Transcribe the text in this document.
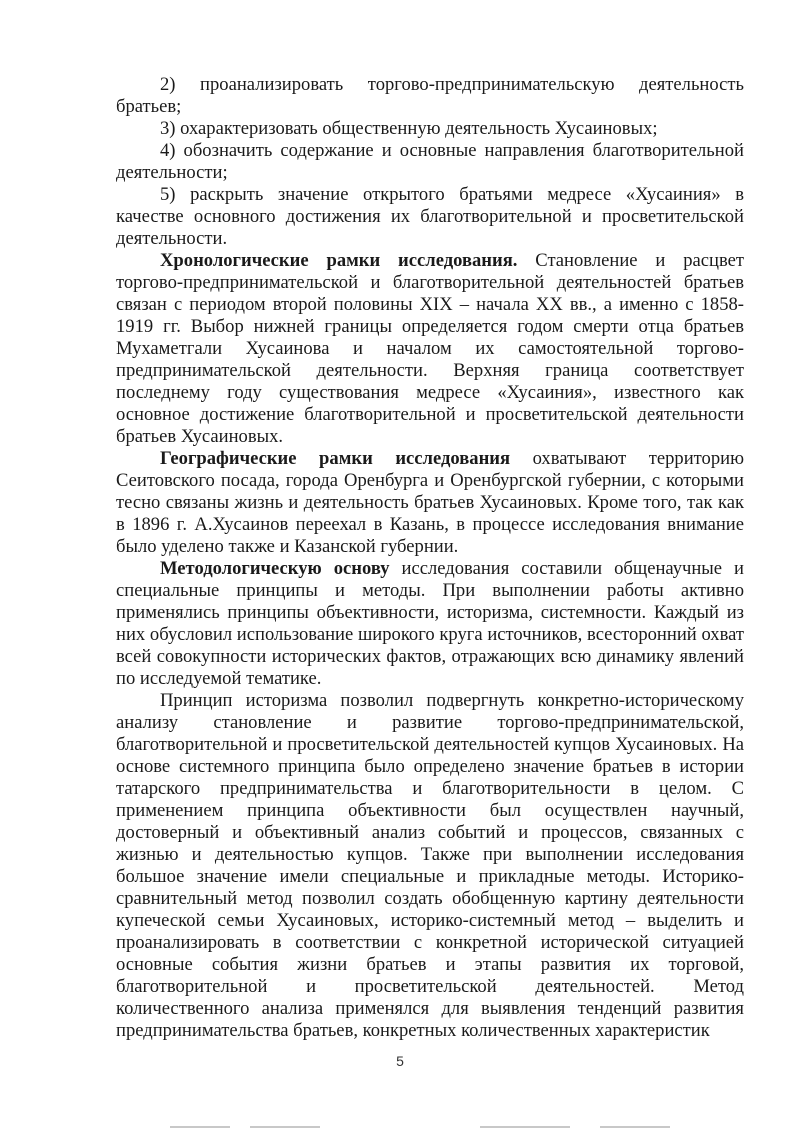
2) проанализировать торгово-предпринимательскую деятельность братьев;

3) охарактеризовать общественную деятельность Хусаиновых;

4) обозначить содержание и основные направления благотворительной деятельности;

5) раскрыть значение открытого братьями медресе «Хусаиния» в качестве основного достижения их благотворительной и просветительской деятельности.

Хронологические рамки исследования. Становление и расцвет торгово-предпринимательской и благотворительной деятельностей братьев связан с периодом второй половины XIX – начала XX вв., а именно с 1858-1919 гг. Выбор нижней границы определяется годом смерти отца братьев Мухаметгали Хусаинова и началом их самостоятельной торгово-предпринимательской деятельности. Верхняя граница соответствует последнему году существования медресе «Хусаиния», известного как основное достижение благотворительной и просветительской деятельности братьев Хусаиновых.

Географические рамки исследования охватывают территорию Сеитовского посада, города Оренбурга и Оренбургской губернии, с которыми тесно связаны жизнь и деятельность братьев Хусаиновых. Кроме того, так как в 1896 г. А.Хусаинов переехал в Казань, в процессе исследования внимание было уделено также и Казанской губернии.

Методологическую основу исследования составили общенаучные и специальные принципы и методы. При выполнении работы активно применялись принципы объективности, историзма, системности. Каждый из них обусловил использование широкого круга источников, всесторонний охват всей совокупности исторических фактов, отражающих всю динамику явлений по исследуемой тематике.

Принцип историзма позволил подвергнуть конкретно-историческому анализу становление и развитие торгово-предпринимательской, благотворительной и просветительской деятельностей купцов Хусаиновых. На основе системного принципа было определено значение братьев в истории татарского предпринимательства и благотворительности в целом. С применением принципа объективности был осуществлен научный, достоверный и объективный анализ событий и процессов, связанных с жизнью и деятельностью купцов. Также при выполнении исследования большое значение имели специальные и прикладные методы. Историко-сравнительный метод позволил создать обобщенную картину деятельности купеческой семьи Хусаиновых, историко-системный метод – выделить и проанализировать в соответствии с конкретной исторической ситуацией основные события жизни братьев и этапы развития их торговой, благотворительной и просветительской деятельностей. Метод количественного анализа применялся для выявления тенденций развития предпринимательства братьев, конкретных количественных характеристик

5
